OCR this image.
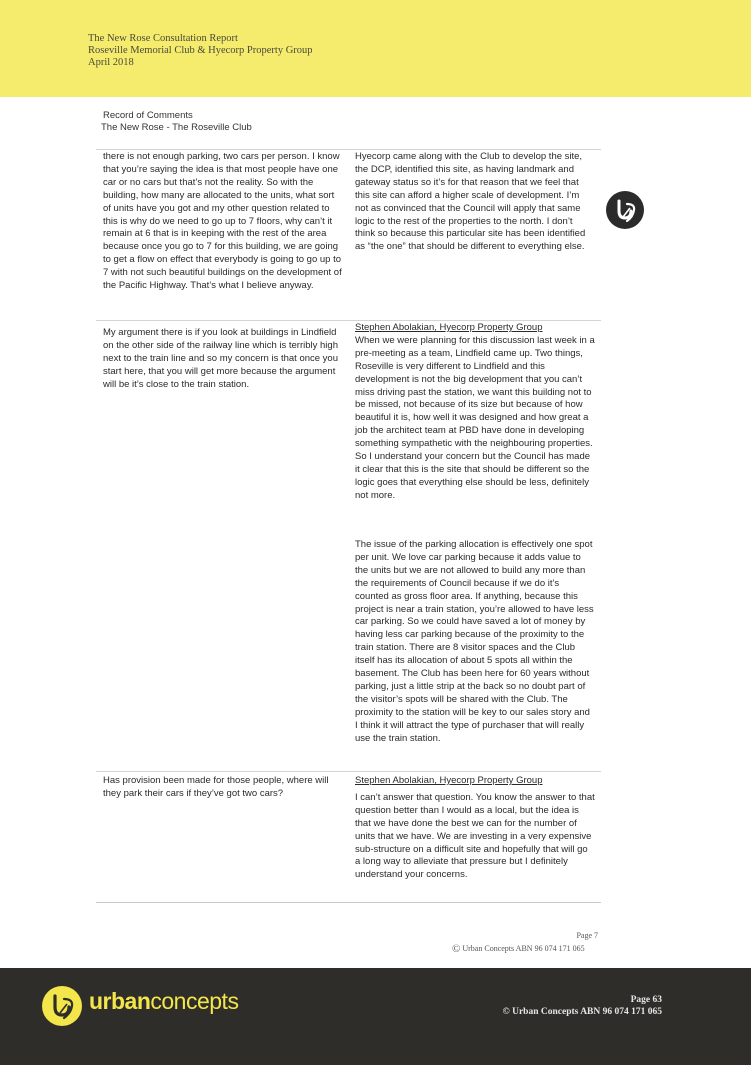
The New Rose Consultation Report
Roseville Memorial Club & Hyecorp Property Group
April 2018
Record of Comments
The New Rose - The Roseville Club
there is not enough parking, two cars per person. I know that you’re saying the idea is that most people have one car or no cars but that’s not the reality. So with the building, how many are allocated to the units, what sort of units have you got and my other question related to this is why do we need to go up to 7 floors, why can’t it remain at 6 that is in keeping with the rest of the area because once you go to 7 for this building, we are going to get a flow on effect that everybody is going to go up to 7 with not such beautiful buildings on the development of the Pacific Highway. That’s what I believe anyway.
Hyecorp came along with the Club to develop the site, the DCP, identified this site, as having landmark and gateway status so it’s for that reason that we feel that this site can afford a higher scale of development. I’m not as convinced that the Council will apply that same logic to the rest of the properties to the north. I don’t think so because this particular site has been identified as “the one” that should be different to everything else.
My argument there is if you look at buildings in Lindfield on the other side of the railway line which is terribly high next to the train line and so my concern is that once you start here, that you will get more because the argument will be it’s close to the train station.
Stephen Abolakian, Hyecorp Property Group
When we were planning for this discussion last week in a pre-meeting as a team, Lindfield came up. Two things, Roseville is very different to Lindfield and this development is not the big development that you can’t miss driving past the station, we want this building not to be missed, not because of its size but because of how beautiful it is, how well it was designed and how great a job the architect team at PBD have done in developing something sympathetic with the neighbouring properties. So I understand your concern but the Council has made it clear that this is the site that should be different so the logic goes that everything else should be less, definitely not more.
The issue of the parking allocation is effectively one spot per unit. We love car parking because it adds value to the units but we are not allowed to build any more than the requirements of Council because if we do it’s counted as gross floor area. If anything, because this project is near a train station, you’re allowed to have less car parking. So we could have saved a lot of money by having less car parking because of the proximity to the train station. There are 8 visitor spaces and the Club itself has its allocation of about 5 spots all within the basement. The Club has been here for 60 years without parking, just a little strip at the back so no doubt part of the visitor’s spots will be shared with the Club. The proximity to the station will be key to our sales story and I think it will attract the type of purchaser that will really use the train station.
Has provision been made for those people, where will they park their cars if they’ve got two cars?
Stephen Abolakian, Hyecorp Property Group
I can’t answer that question. You know the answer to that question better than I would as a local, but the idea is that we have done the best we can for the number of units that we have. We are investing in a very expensive sub-structure on a difficult site and hopefully that will go a long way to alleviate that pressure but I definitely understand your concerns.
Page 7
© Urban Concepts ABN 96 074 171 065
urbanconcepts	Page 63
© Urban Concepts ABN 96 074 171 065
